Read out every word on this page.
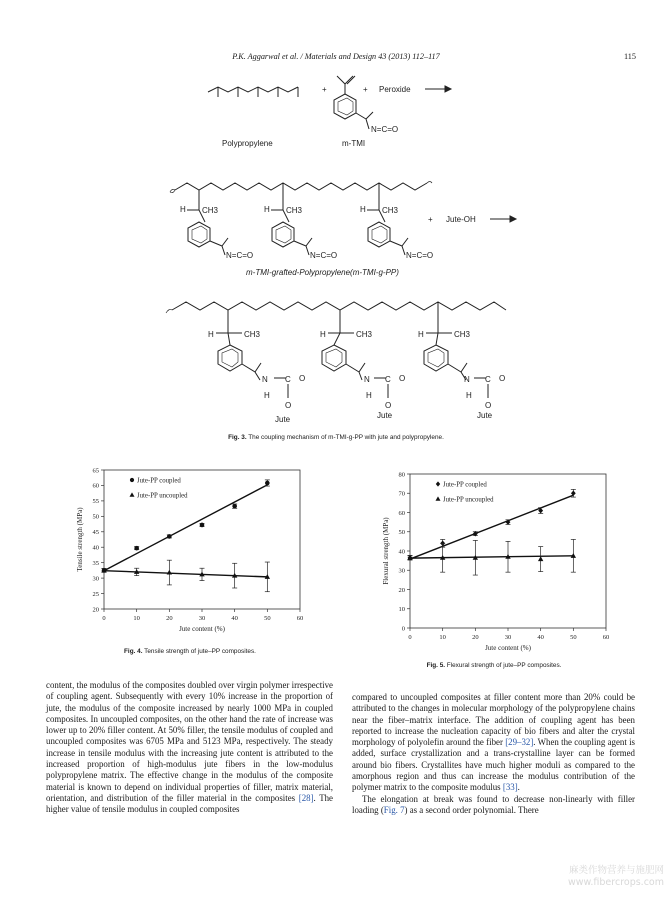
P.K. Aggarwal et al. / Materials and Design 43 (2013) 112–117	115
+	+ Peroxide
Polypropylene	m-TMI
N=C=O
H CH3
N=C=O
H CH3
N=C=O
H CH3
N=C=O
+ Jute-OH
m-TMI-grafted-Polypropylene(m-TMI-g-PP)
H	CH3
N
H
C O
O
Jute
H	CH3
N
H
C O
O
Jute
H	CH3
N
H
C O
O
Jute
Fig. 3. The coupling mechanism of m-TMI-g-PP with jute and polypropylene.
0	10	20	30	40	50	60
20
25
30
35
40
45
50
55
60
65
Jute content (%)
Tensile strength (MPa)
Jute-PP coupled
Jute-PP uncoupled
Fig. 4. Tensile strength of jute–PP composites.
0	10	20	30	40	50	60
0
10
20
30
40
50
60
70
80
Jute content (%)
Flexural strength (MPa)
Jute-PP coupled
Jute-PP uncoupled
Fig. 5. Flexural strength of jute–PP composites.

content, the modulus of the composites doubled over virgin polymer irrespective of coupling agent. Subsequently with every 10% increase in the proportion of jute, the modulus of the composite increased by nearly 1000 MPa in coupled composites. In uncoupled composites, on the other hand the rate of increase was lower up to 20% filler content. At 50% filler, the tensile modulus of coupled and uncoupled composites was 6705 MPa and 5123 MPa, respectively. The steady increase in tensile modulus with the increasing jute content is attributed to the increased proportion of high-modulus jute fibers in the low-modulus polypropylene matrix. The effective change in the modulus of the composite material is known to depend on individual properties of filler, matrix material, orientation, and distribution of the filler material in the composites [28]. The higher value of tensile modulus in coupled composites

compared to uncoupled composites at filler content more than 20% could be attributed to the changes in molecular morphology of the polypropylene chains near the fiber–matrix interface. The addition of coupling agent has been reported to increase the nucleation capacity of bio fibers and alter the crystal morphology of polyolefin around the fiber [29–32]. When the coupling agent is added, surface crystallization and a trans-crystalline layer can be formed around bio fibers. Crystallites have much higher moduli as compared to the amorphous region and thus can increase the modulus contribution of the polymer matrix to the composite modulus [33].

The elongation at break was found to decrease non-linearly with filler loading (Fig. 7) as a second order polynomial. There

麻类作物营养与施肥网
www.fibercrops.com
